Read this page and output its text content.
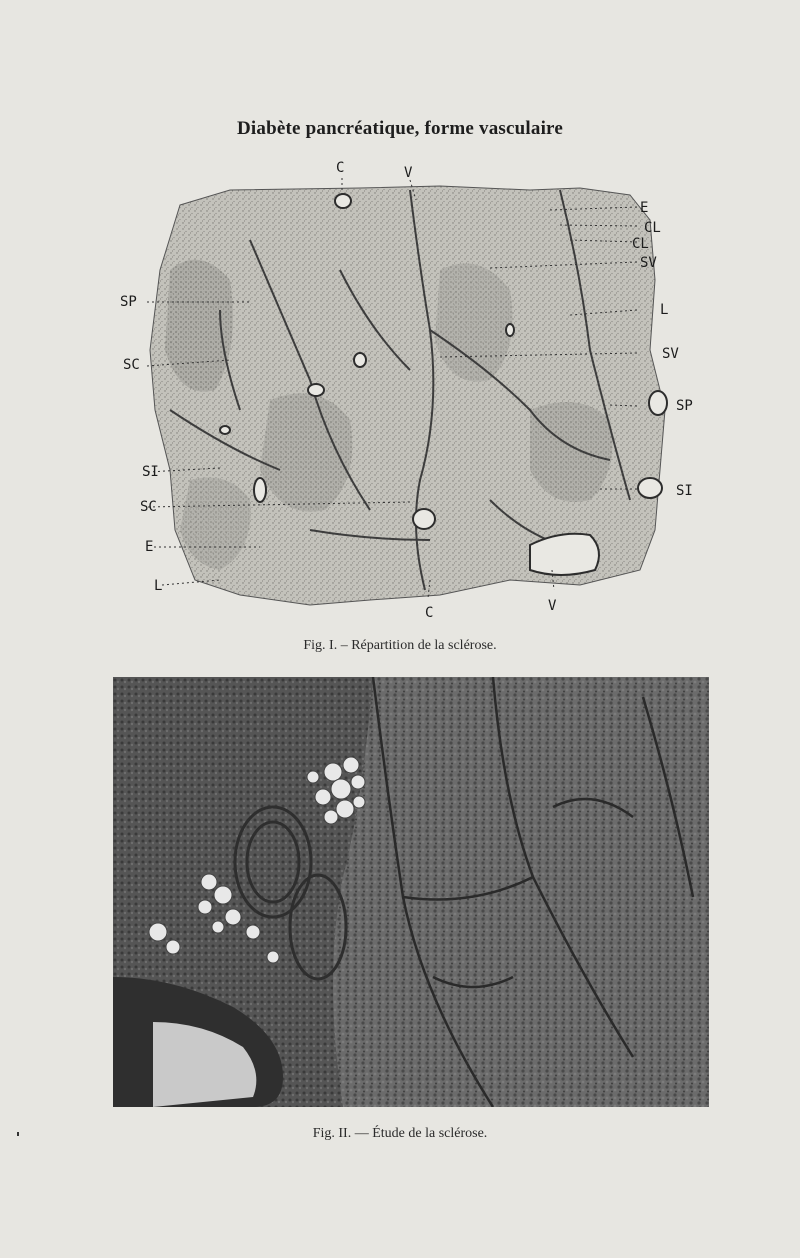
Diabète pancréatique, forme vasculaire
C	V
E
CL
CL
SV
L
SV
SP
SI
SP
SC
SI
SC
E
L
C	V
Fig. I. – Répartition de la sclérose.
Fig. II. — Étude de la sclérose.
